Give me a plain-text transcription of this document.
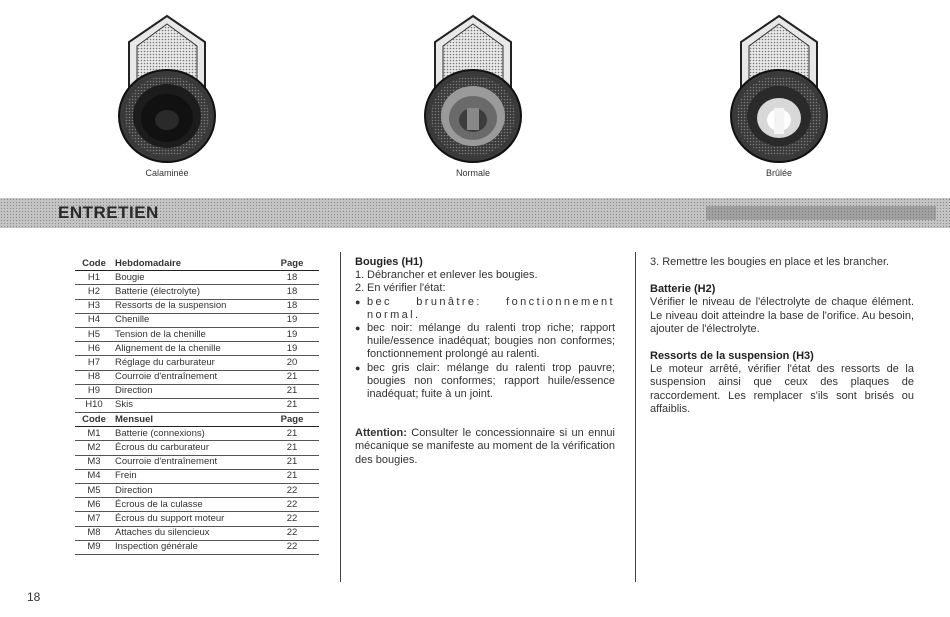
Calaminée	Normale	Brûlée
ENTRETIEN
Code	Hebdomadaire	Page
H1	Bougie	18
H2	Batterie (électrolyte)	18
H3	Ressorts de la suspension	18
H4	Chenille	19
H5	Tension de la chenille	19
H6	Alignement de la chenille	19
H7	Réglage du carburateur	20
H8	Courroie d'entraînement	21
H9	Direction	21
H10	Skis	21
Code	Mensuel	Page
M1	Batterie (connexions)	21
M2	Écrous du carburateur	21
M3	Courroie d'entraînement	21
M4	Frein	21
M5	Direction	22
M6	Écrous de la culasse	22
M7	Écrous du support moteur	22
M8	Attaches du silencieux	22
M9	Inspection générale	22
Bougies (H1)
1. Débrancher et enlever les bougies.
2. En vérifier l'état:
● bec brunâtre: fonctionnement normal.
● bec noir: mélange du ralenti trop riche; rapport huile/essence inadéquat; bougies non conformes; fonctionnement prolongé au ralenti.
● bec gris clair: mélange du ralenti trop pauvre; bougies non conformes; rapport huile/essence inadéquat; fuite à un joint.

Attention: Consulter le concessionnaire si un ennui mécanique se manifeste au moment de la vérification des bougies.

3. Remettre les bougies en place et les brancher.

Batterie (H2)

Vérifier le niveau de l'électrolyte de chaque élément. Le niveau doit atteindre la base de l'orifice. Au besoin, ajouter de l'électrolyte.

Ressorts de la suspension (H3)

Le moteur arrêté, vérifier l'état des ressorts de la suspension ainsi que ceux des plaques de raccordement. Les remplacer s'ils sont brisés ou affaiblis.

18
